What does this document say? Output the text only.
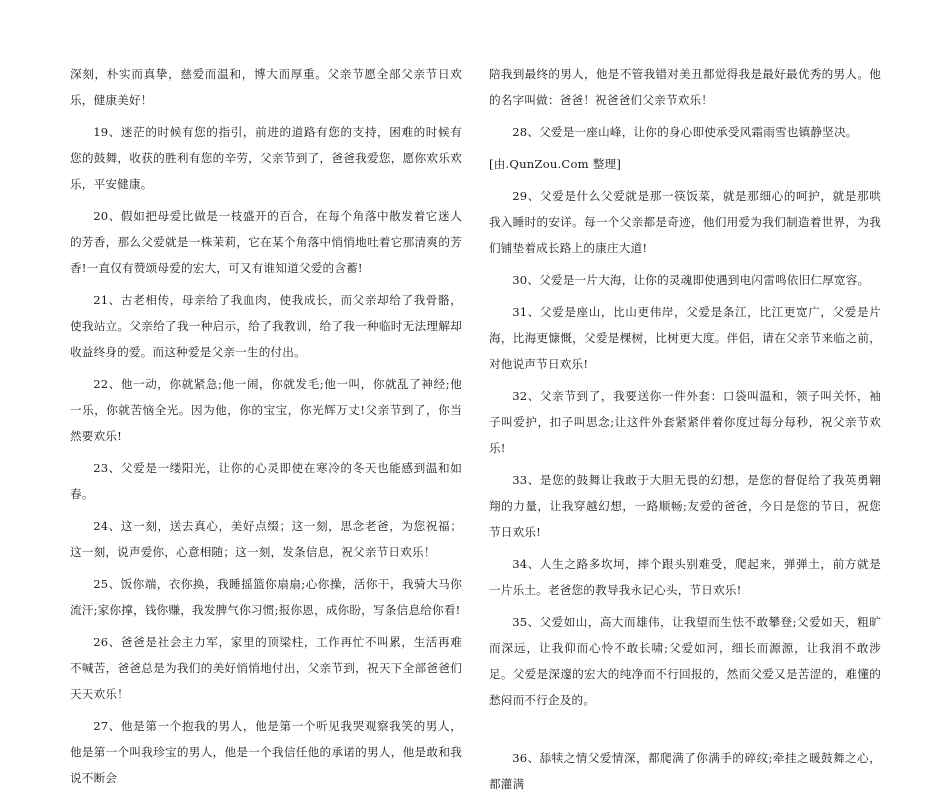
深刻，朴实而真挚，慈爱而温和，博大而厚重。父亲节愿全部父亲节日欢乐，健康美好！

19、迷茫的时候有您的指引，前进的道路有您的支持，困难的时候有您的鼓舞，收获的胜利有您的辛劳，父亲节到了，爸爸我爱您，愿你欢乐欢乐，平安健康。

20、假如把母爱比做是一枝盛开的百合，在每个角落中散发着它迷人的芳香，那么父爱就是一株茉莉，它在某个角落中悄悄地吐着它那清爽的芳香!一直仅有赞颂母爱的宏大，可又有谁知道父爱的含蓄!

21、古老相传，母亲给了我血肉，使我成长，而父亲却给了我骨骼，使我站立。父亲给了我一种启示，给了我教训，给了我一种临时无法理解却收益终身的爱。而这种爱是父亲一生的付出。

22、他一动，你就紧急;他一闹，你就发毛;他一叫，你就乱了神经;他一乐，你就苦恼全光。因为他，你的宝宝，你光辉万丈!父亲节到了，你当然要欢乐!

23、父爱是一缕阳光，让你的心灵即使在寒冷的冬天也能感到温和如春。

24、这一刻，送去真心，美好点缀；这一刻，思念老爸，为您祝福；这一刻，说声爱你，心意相随；这一刻，发条信息，祝父亲节日欢乐！

25、饭你端，衣你换，我睡摇篮你扇扇;心你操，活你干，我骑大马你流汗;家你撑，钱你赚，我发脾气你习惯;报你恩，成你盼，写条信息给你看!

26、爸爸是社会主力军，家里的顶梁柱，工作再忙不叫累，生活再难不喊苦，爸爸总是为我们的美好悄悄地付出，父亲节到，祝天下全部爸爸们天天欢乐！

27、他是第一个抱我的男人，他是第一个听见我哭观察我笑的男人，他是第一个叫我珍宝的男人，他是一个我信任他的承诺的男人，他是敢和我说不断会

陪我到最终的男人，他是不管我错对美丑都觉得我是最好最优秀的男人。他的名字叫做：爸爸！祝爸爸们父亲节欢乐！

28、父爱是一座山峰，让你的身心即使承受风霜雨雪也镇静坚决。

[由.QunZou.Com 整理]

29、父爱是什么父爱就是那一筷饭菜，就是那细心的呵护，就是那哄我入睡时的安详。每一个父亲都是奇迹，他们用爱为我们制造着世界，为我们铺垫着成长路上的康庄大道!

30、父爱是一片大海，让你的灵魂即使遇到电闪雷鸣依旧仁厚宽容。

31、父爱是座山，比山更伟岸，父爱是条江，比江更宽广，父爱是片海，比海更慷慨，父爱是棵树，比树更大度。伴侣，请在父亲节来临之前，对他说声节日欢乐!

32、父亲节到了，我要送你一件外套：口袋叫温和，领子叫关怀，袖子叫爱护，扣子叫思念;让这件外套紧紧伴着你度过每分每秒，祝父亲节欢乐!

33、是您的鼓舞让我敢于大胆无畏的幻想，是您的督促给了我英勇翱翔的力量，让我穿越幻想，一路顺畅;友爱的爸爸，今日是您的节日，祝您节日欢乐!

34、人生之路多坎坷，摔个跟头别难受，爬起来，弹弹土，前方就是一片乐土。老爸您的教导我永记心头，节日欢乐!

35、父爱如山，高大而雄伟，让我望而生怯不敢攀登;父爱如天，粗旷而深远，让我仰而心怜不敢长啸;父爱如河，细长而源源，让我涓不敢涉足。父爱是深邃的宏大的纯净而不行回报的，然而父爱又是苦涩的，难懂的愁闷而不行企及的。

36、舔犊之情父爱情深，都爬满了你满手的碎纹;牵挂之暖鼓舞之心，都灌满
